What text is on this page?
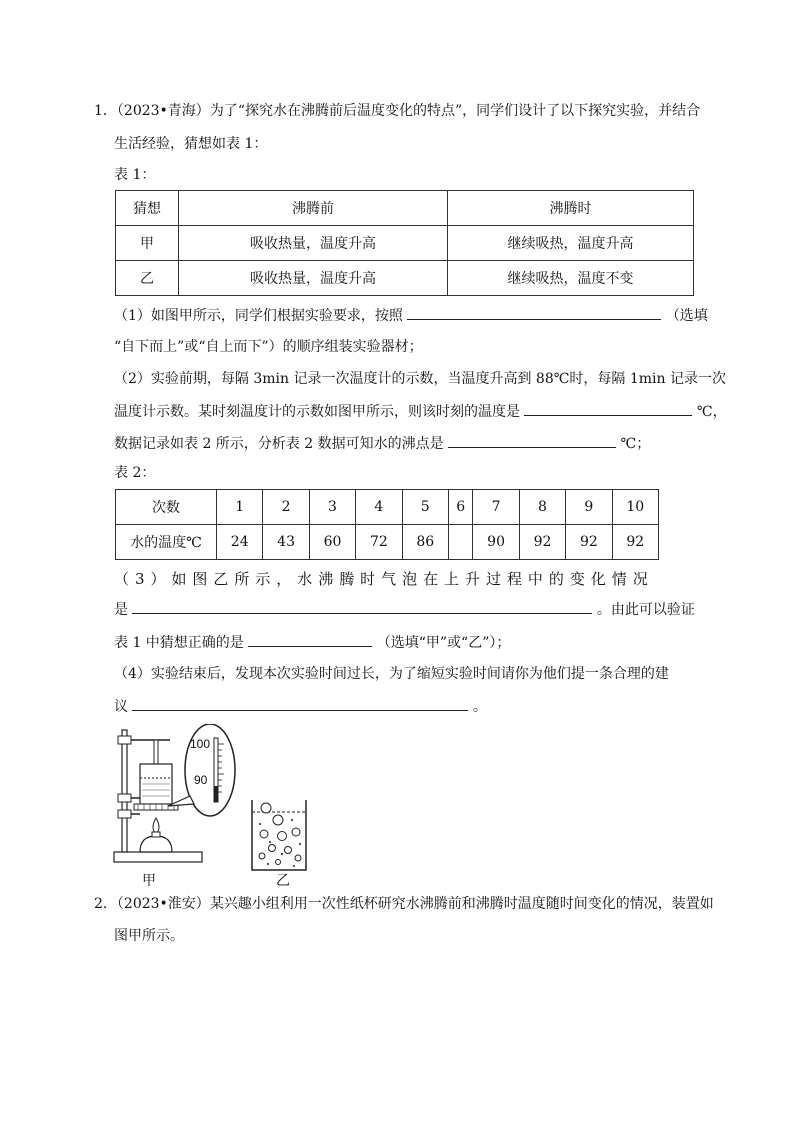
1．（2023•青海）为了“探究水在沸腾前后温度变化的特点”，同学们设计了以下探究实验，并结合
生活经验，猜想如表 1：
表 1：
猜想	沸腾前	沸腾时
甲	吸收热量，温度升高	继续吸热，温度升高
乙	吸收热量，温度升高	继续吸热，温度不变
（1）如图甲所示，同学们根据实验要求，按照	（选填
“自下而上”或“自上而下”）的顺序组装实验器材；
（2）实验前期，每隔 3min 记录一次温度计的示数，当温度升高到 88℃时，每隔 1min 记录一次
温度计示数。某时刻温度计的示数如图甲所示，则该时刻的温度是	℃，
数据记录如表 2 所示，分析表 2 数据可知水的沸点是	℃；
表 2：
次数	1	2	3	4	5	6	7	8	9	10
水的温度℃	24	43	60	72	86		90	92	92	92
（ 3 ） 如 图 乙 所 示 ， 水 沸 腾 时 气 泡 在 上 升 过 程 中 的 变 化 情 况
是	。由此可以验证
表 1 中猜想正确的是	（选填“甲”或“乙”）；
（4）实验结束后，发现本次实验时间过长，为了缩短实验时间请你为他们提一条合理的建
议	。
100
90
甲	乙
2．（2023•淮安）某兴趣小组利用一次性纸杯研究水沸腾前和沸腾时温度随时间变化的情况，装置如
图甲所示。
